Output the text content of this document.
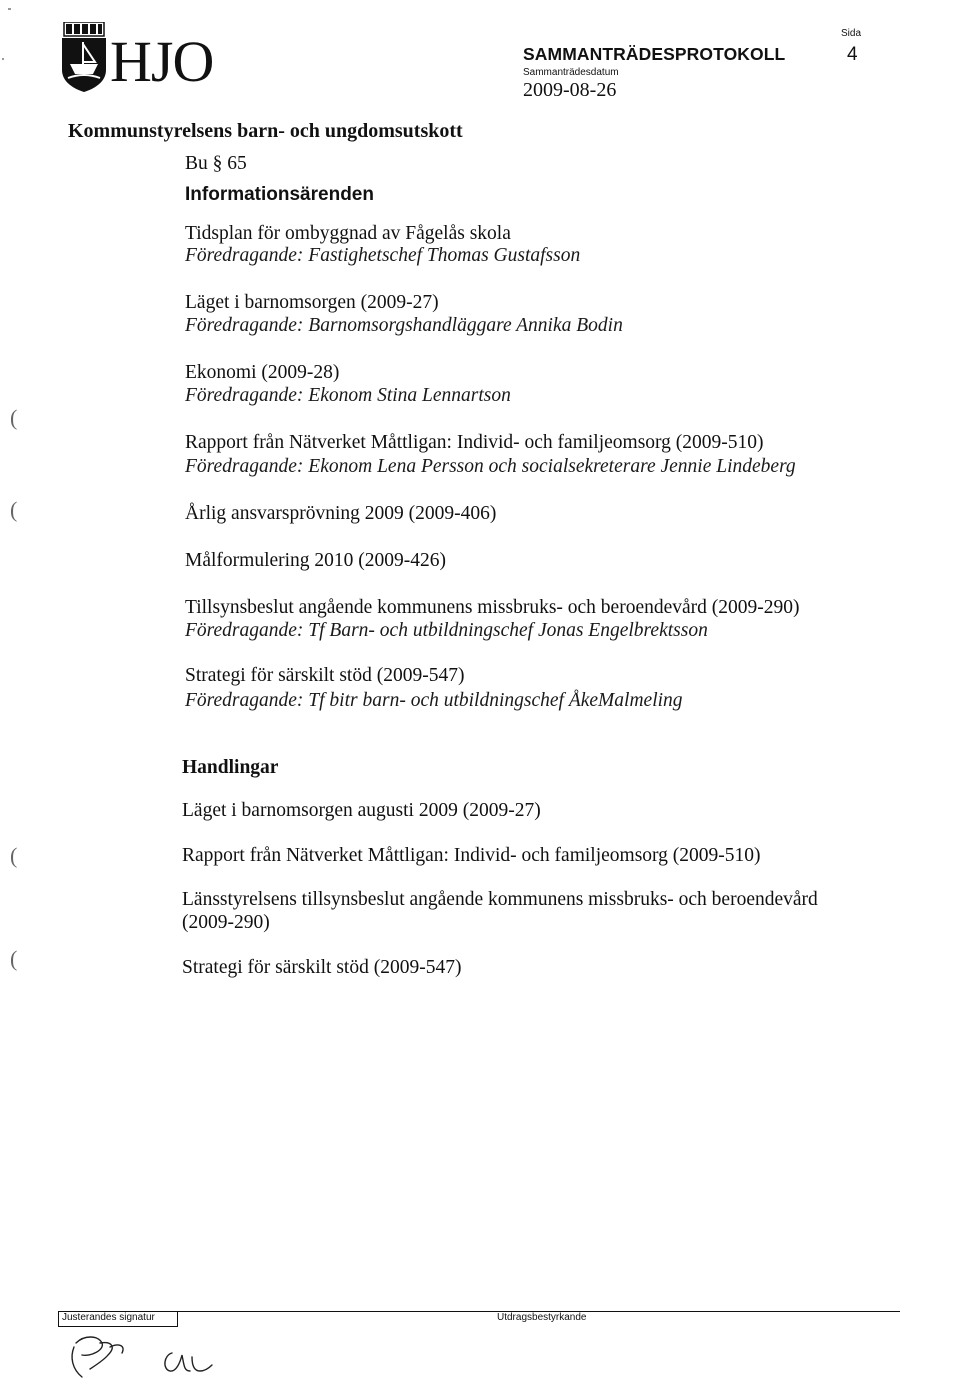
HJO	SAMMANTRÄDESPROTOKOLL
Sammanträdesdatum
2009-08-26
Sida
4
Kommunstyrelsens barn- och ungdomsutskott
Bu § 65
Informationsärenden
Tidsplan för ombyggnad av Fågelås skola
Föredragande: Fastighetschef Thomas Gustafsson
Läget i barnomsorgen (2009-27)
Föredragande: Barnomsorgshandläggare Annika Bodin
Ekonomi (2009-28)
Föredragande: Ekonom Stina Lennartson
Rapport från Nätverket Måttligan: Individ- och familjeomsorg (2009-510)
Föredragande: Ekonom Lena Persson och socialsekreterare Jennie Lindeberg
Årlig ansvarsprövning 2009 (2009-406)
Målformulering 2010 (2009-426)
Tillsynsbeslut angående kommunens missbruks- och beroendevård (2009-290)
Föredragande: Tf Barn- och utbildningschef Jonas Engelbrektsson
Strategi för särskilt stöd (2009-547)
Föredragande: Tf bitr barn- och utbildningschef ÅkeMalmeling
Handlingar
Läget i barnomsorgen augusti 2009 (2009-27)
Rapport från Nätverket Måttligan: Individ- och familjeomsorg (2009-510)
Länsstyrelsens tillsynsbeslut angående kommunens missbruks- och beroendevård
(2009-290)
Strategi för särskilt stöd (2009-547)
(
(
(
(
Justerandes signatur	Utdragsbestyrkande
